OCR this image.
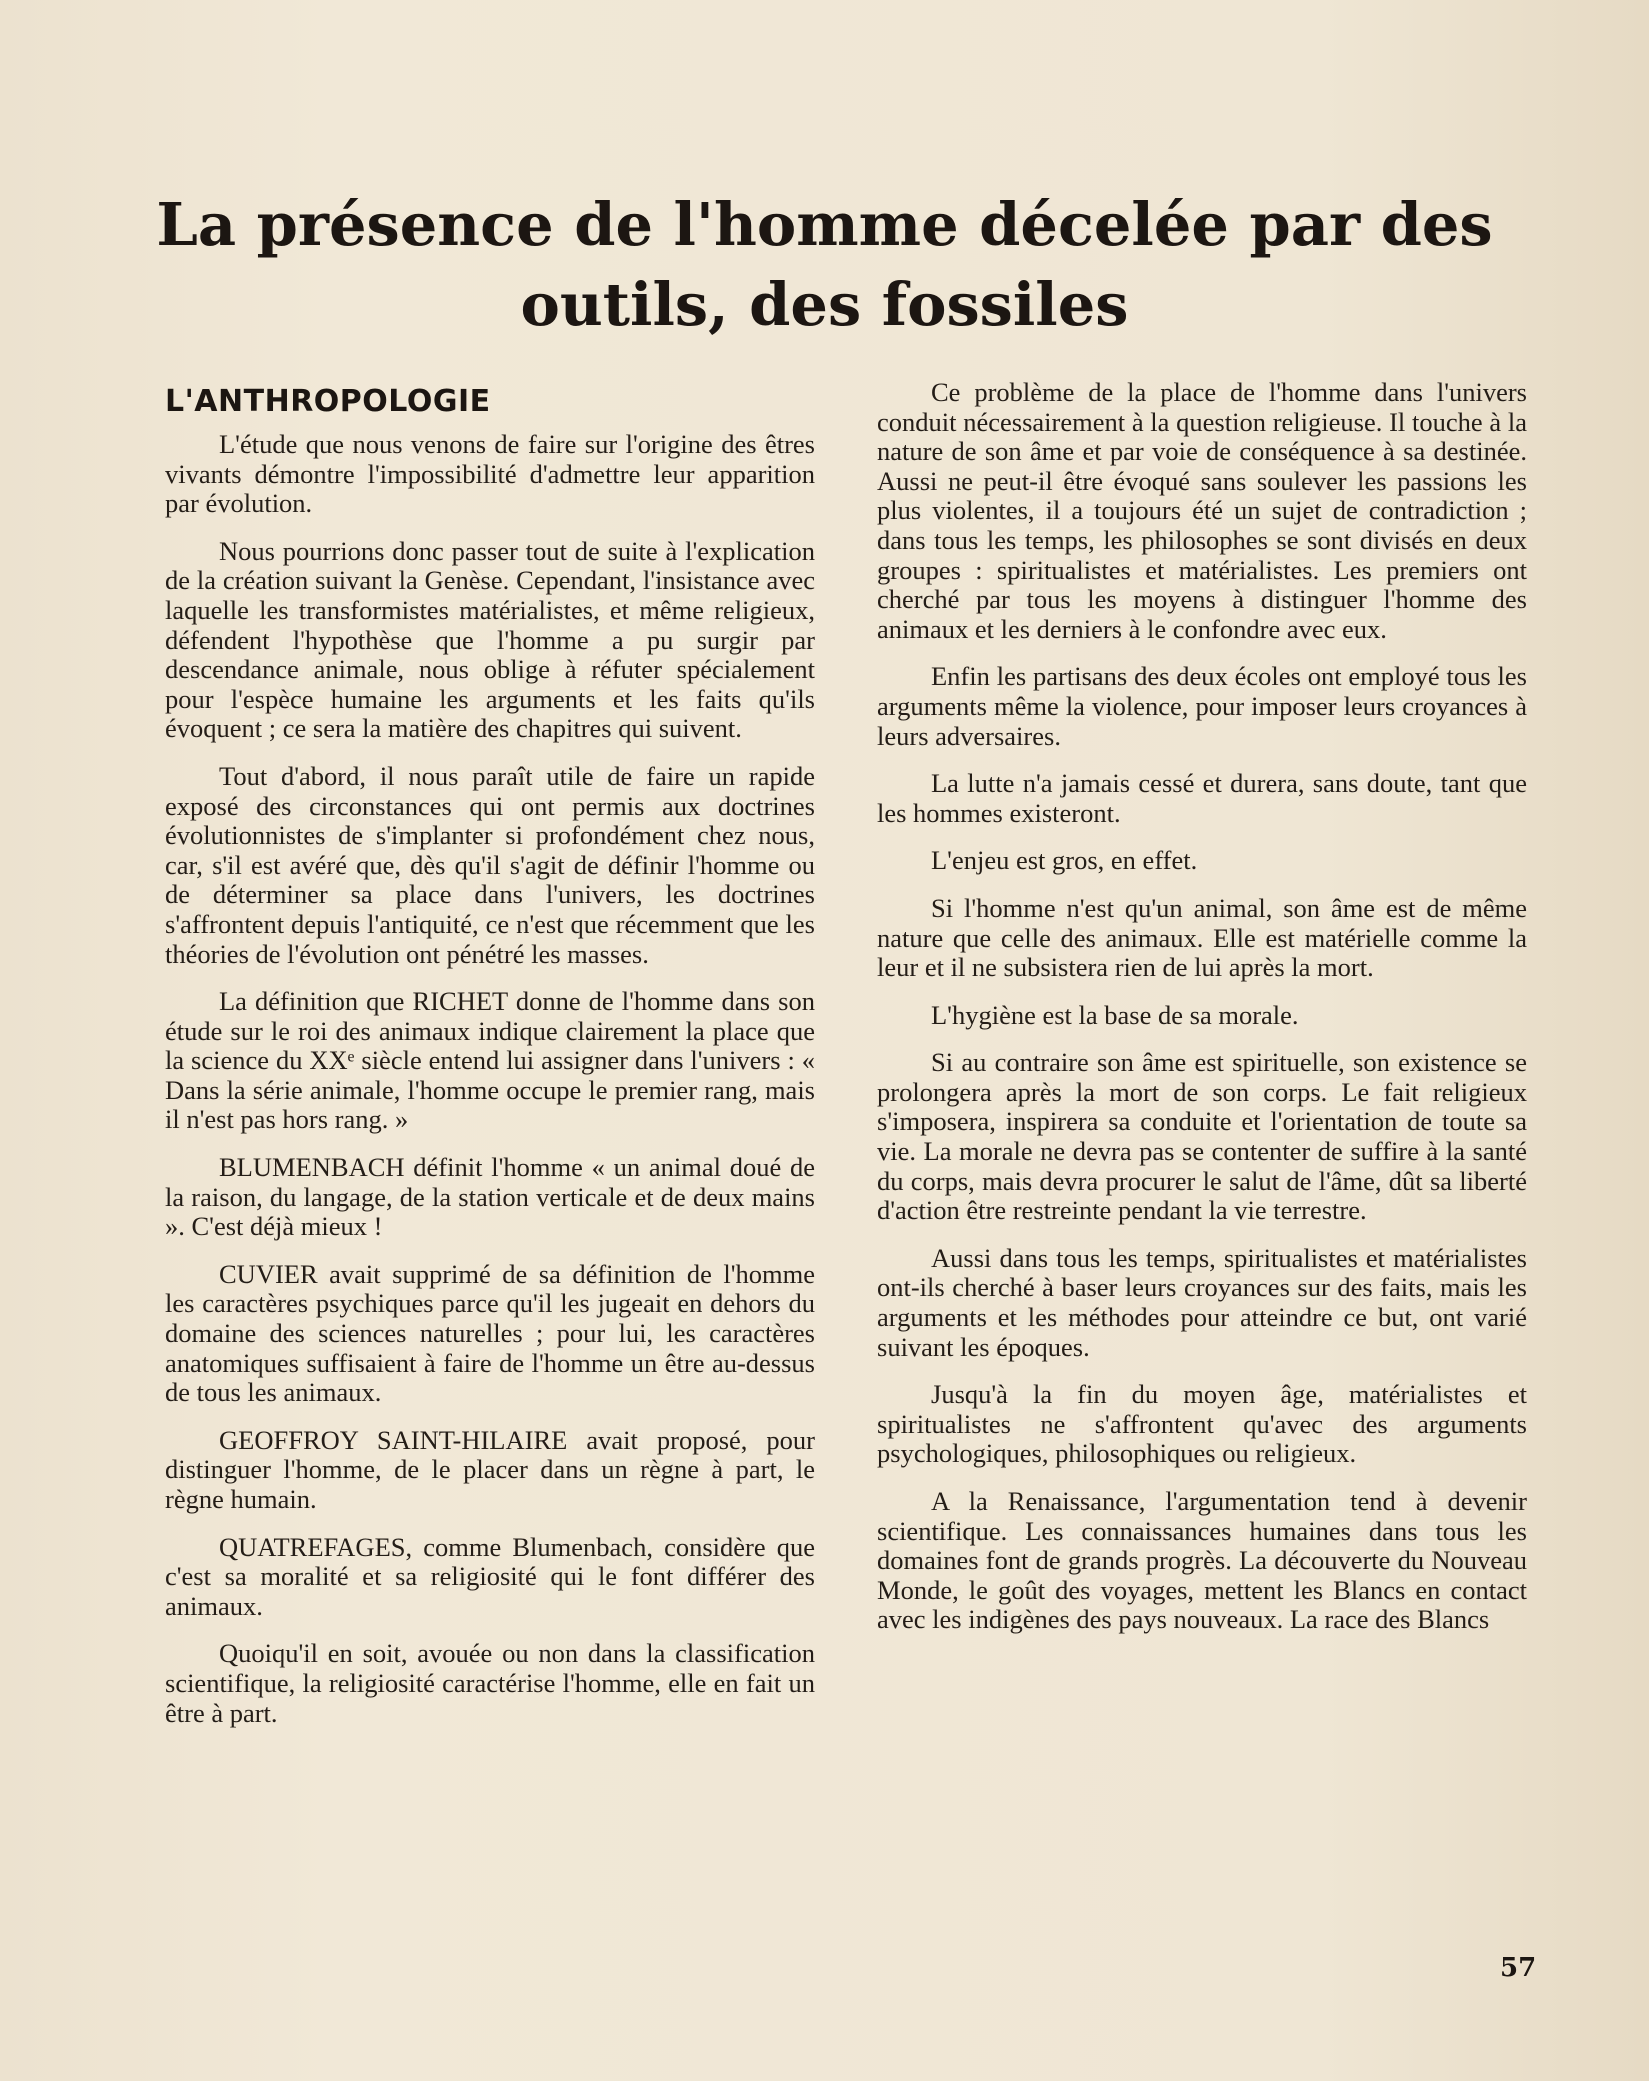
La présence de l'homme décelée par des
outils, des fossiles
L'ANTHROPOLOGIE

L'étude que nous venons de faire sur l'origine des êtres vivants démontre l'impossibilité d'admettre leur apparition par évolution.

Nous pourrions donc passer tout de suite à l'explication de la création suivant la Genèse. Cependant, l'insistance avec laquelle les transformistes matérialistes, et même religieux, défendent l'hypothèse que l'homme a pu surgir par descendance animale, nous oblige à réfuter spécialement pour l'espèce humaine les arguments et les faits qu'ils évoquent ; ce sera la matière des chapitres qui suivent.

Tout d'abord, il nous paraît utile de faire un rapide exposé des circonstances qui ont permis aux doctrines évolutionnistes de s'implanter si profondément chez nous, car, s'il est avéré que, dès qu'il s'agit de définir l'homme ou de déterminer sa place dans l'univers, les doctrines s'affrontent depuis l'antiquité, ce n'est que récemment que les théories de l'évolution ont pénétré les masses.

La définition que RICHET donne de l'homme dans son étude sur le roi des animaux indique clairement la place que la science du XXᵉ siècle entend lui assigner dans l'univers : « Dans la série animale, l'homme occupe le premier rang, mais il n'est pas hors rang. »

BLUMENBACH définit l'homme « un animal doué de la raison, du langage, de la station verticale et de deux mains ». C'est déjà mieux !

CUVIER avait supprimé de sa définition de l'homme les caractères psychiques parce qu'il les jugeait en dehors du domaine des sciences naturelles ; pour lui, les caractères anatomiques suffisaient à faire de l'homme un être au-dessus de tous les animaux.

GEOFFROY SAINT-HILAIRE avait proposé, pour distinguer l'homme, de le placer dans un règne à part, le règne humain.

QUATREFAGES, comme Blumenbach, considère que c'est sa moralité et sa religiosité qui le font différer des animaux.

Quoiqu'il en soit, avouée ou non dans la classification scientifique, la religiosité caractérise l'homme, elle en fait un être à part.

Ce problème de la place de l'homme dans l'univers conduit nécessairement à la question religieuse. Il touche à la nature de son âme et par voie de conséquence à sa destinée. Aussi ne peut-il être évoqué sans soulever les passions les plus violentes, il a toujours été un sujet de contradiction ; dans tous les temps, les philosophes se sont divisés en deux groupes : spiritualistes et matérialistes. Les premiers ont cherché par tous les moyens à distinguer l'homme des animaux et les derniers à le confondre avec eux.

Enfin les partisans des deux écoles ont employé tous les arguments même la violence, pour imposer leurs croyances à leurs adversaires.

La lutte n'a jamais cessé et durera, sans doute, tant que les hommes existeront.

L'enjeu est gros, en effet.

Si l'homme n'est qu'un animal, son âme est de même nature que celle des animaux. Elle est matérielle comme la leur et il ne subsistera rien de lui après la mort.

L'hygiène est la base de sa morale.

Si au contraire son âme est spirituelle, son existence se prolongera après la mort de son corps. Le fait religieux s'imposera, inspirera sa conduite et l'orientation de toute sa vie. La morale ne devra pas se contenter de suffire à la santé du corps, mais devra procurer le salut de l'âme, dût sa liberté d'action être restreinte pendant la vie terrestre.

Aussi dans tous les temps, spiritualistes et matérialistes ont-ils cherché à baser leurs croyances sur des faits, mais les arguments et les méthodes pour atteindre ce but, ont varié suivant les époques.

Jusqu'à la fin du moyen âge, matérialistes et spiritualistes ne s'affrontent qu'avec des arguments psychologiques, philosophiques ou religieux.

A la Renaissance, l'argumentation tend à devenir scientifique. Les connaissances humaines dans tous les domaines font de grands progrès. La découverte du Nouveau Monde, le goût des voyages, mettent les Blancs en contact avec les indigènes des pays nouveaux. La race des Blancs

57
